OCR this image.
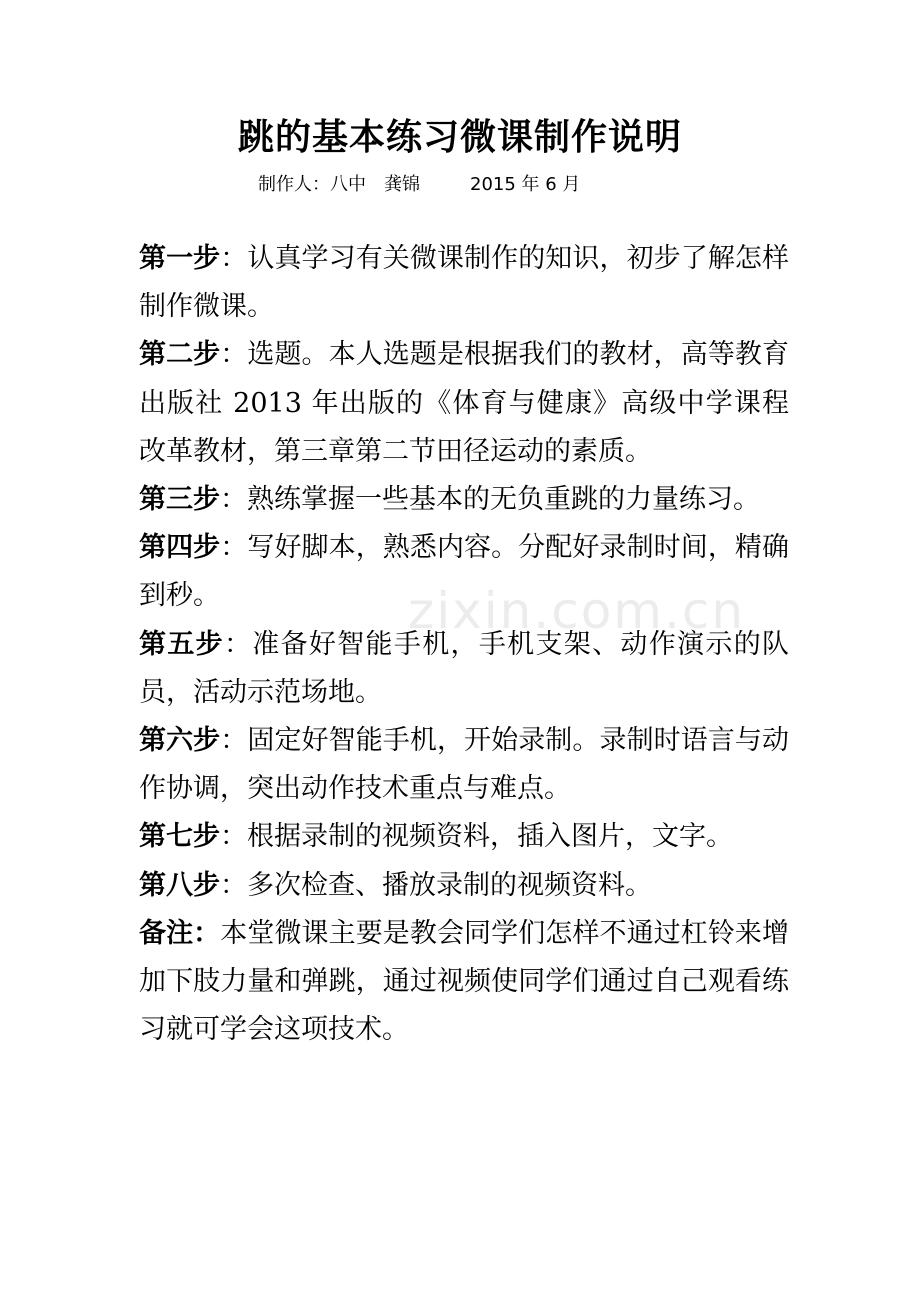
跳的基本练习微课制作说明
制作人：八中 龚锦	2015 年 6 月

第一步：认真学习有关微课制作的知识，初步了解怎样制作微课。

第二步：选题。本人选题是根据我们的教材，高等教育出版社 2013 年出版的《体育与健康》高级中学课程改革教材，第三章第二节田径运动的素质。

第三步：熟练掌握一些基本的无负重跳的力量练习。

第四步：写好脚本，熟悉内容。分配好录制时间，精确到秒。

第五步：准备好智能手机，手机支架、动作演示的队员，活动示范场地。

第六步：固定好智能手机，开始录制。录制时语言与动作协调，突出动作技术重点与难点。

第七步：根据录制的视频资料，插入图片，文字。

第八步：多次检查、播放录制的视频资料。

备注：本堂微课主要是教会同学们怎样不通过杠铃来增加下肢力量和弹跳，通过视频使同学们通过自己观看练习就可学会这项技术。

zixin.com.cn
